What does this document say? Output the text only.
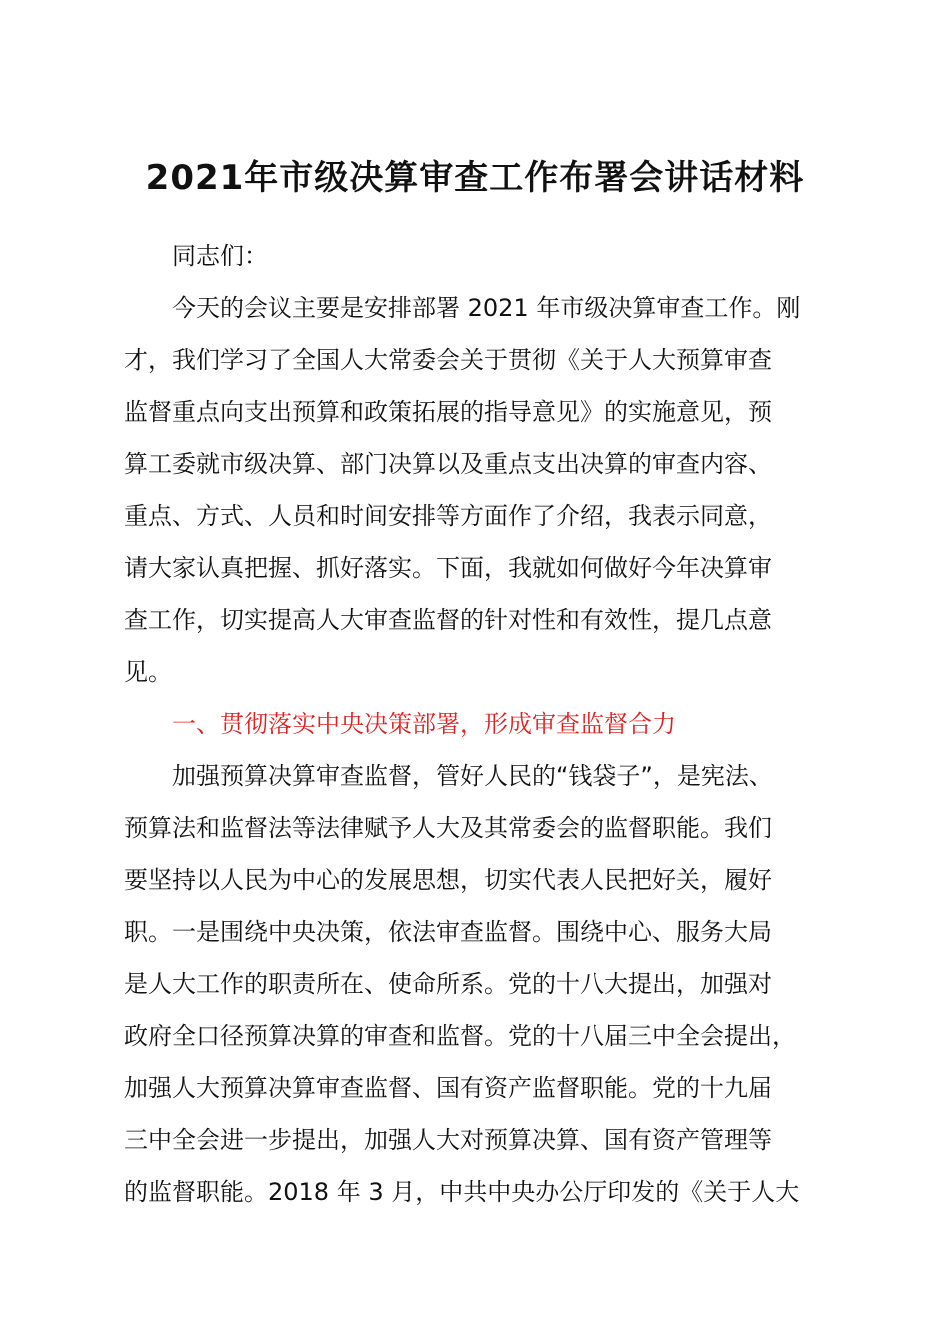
2021年市级决算审查工作布署会讲话材料
同志们：
今天的会议主要是安排部署 2021 年市级决算审查工作。刚
才，我们学习了全国人大常委会关于贯彻《关于人大预算审查
监督重点向支出预算和政策拓展的指导意见》的实施意见，预
算工委就市级决算、部门决算以及重点支出决算的审查内容、
重点、方式、人员和时间安排等方面作了介绍，我表示同意，
请大家认真把握、抓好落实。下面，我就如何做好今年决算审
查工作，切实提高人大审查监督的针对性和有效性，提几点意
见。
一、贯彻落实中央决策部署，形成审查监督合力
加强预算决算审查监督，管好人民的“钱袋子”，是宪法、
预算法和监督法等法律赋予人大及其常委会的监督职能。我们
要坚持以人民为中心的发展思想，切实代表人民把好关，履好
职。一是围绕中央决策，依法审查监督。围绕中心、服务大局
是人大工作的职责所在、使命所系。党的十八大提出，加强对
政府全口径预算决算的审查和监督。党的十八届三中全会提出，
加强人大预算决算审查监督、国有资产监督职能。党的十九届
三中全会进一步提出，加强人大对预算决算、国有资产管理等
的监督职能。2018 年 3 月，中共中央办公厅印发的《关于人大
